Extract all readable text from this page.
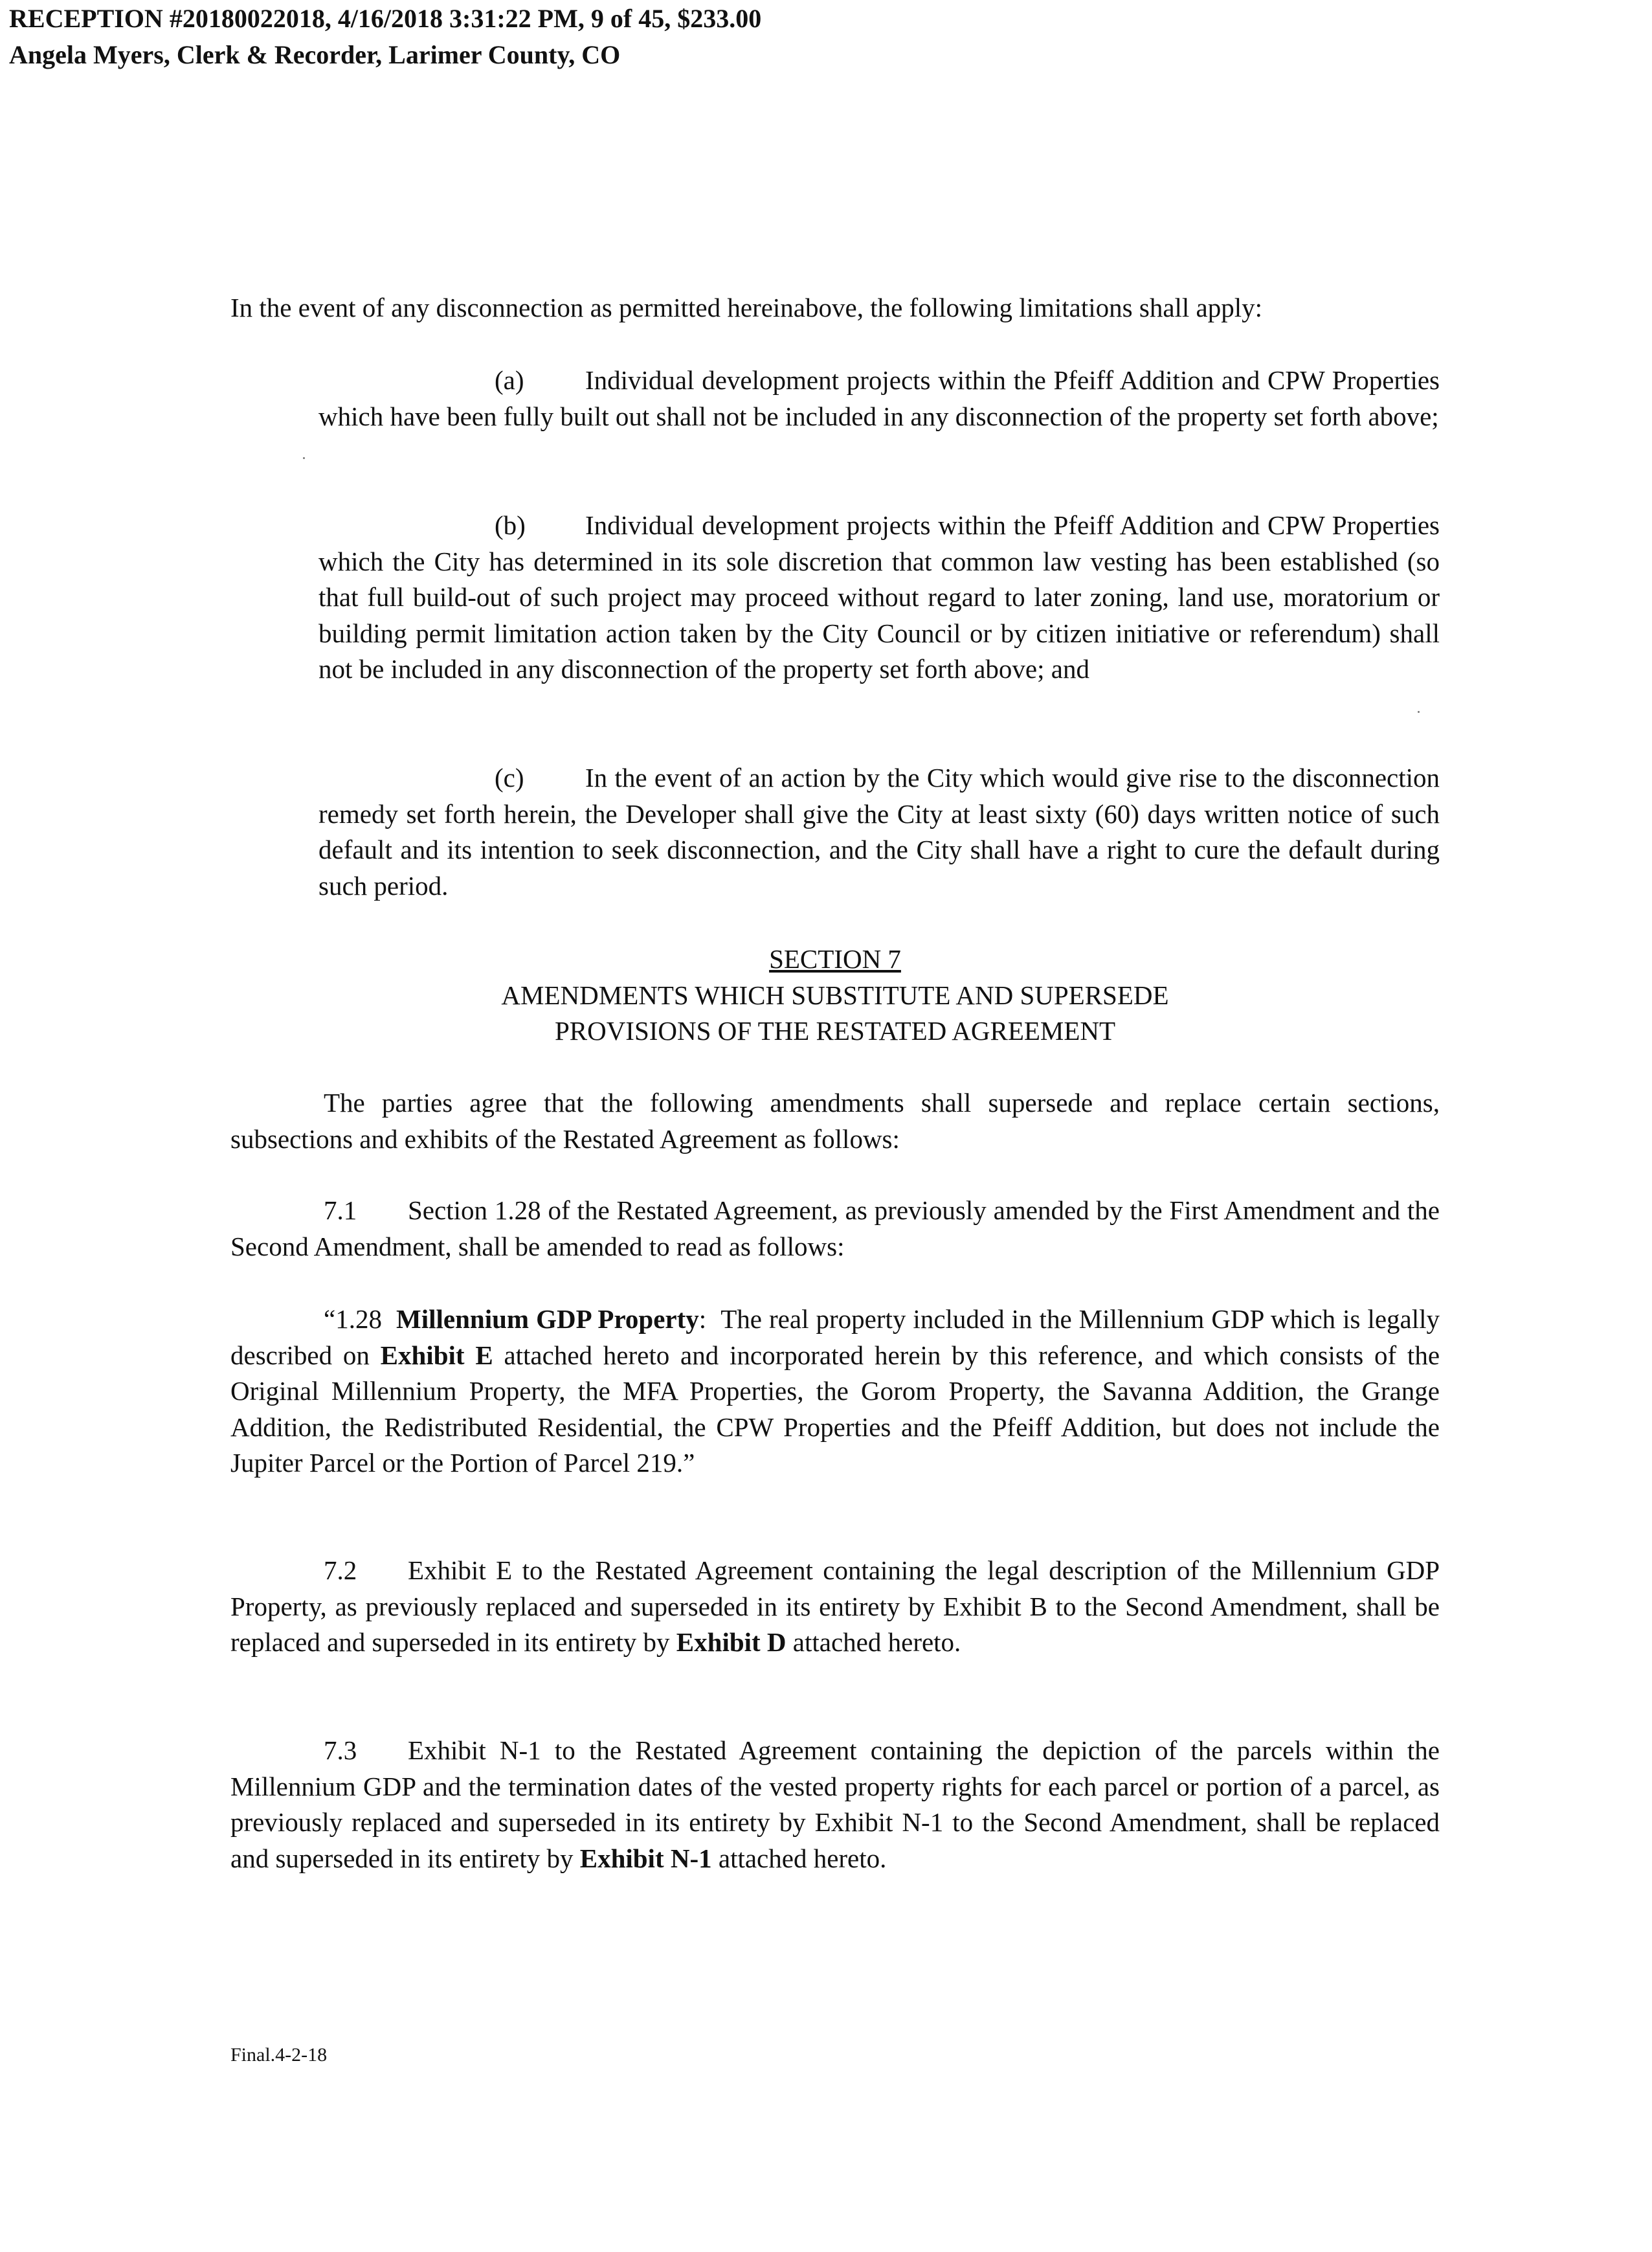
RECEPTION #20180022018, 4/16/2018 3:31:22 PM, 9 of 45, $233.00
Angela Myers, Clerk & Recorder, Larimer County, CO
In the event of any disconnection as permitted hereinabove, the following limitations shall apply:
(a) Individual development projects within the Pfeiff Addition and CPW Properties which have been fully built out shall not be included in any disconnection of the property set forth above;
(b) Individual development projects within the Pfeiff Addition and CPW Properties which the City has determined in its sole discretion that common law vesting has been established (so that full build-out of such project may proceed without regard to later zoning, land use, moratorium or building permit limitation action taken by the City Council or by citizen initiative or referendum) shall not be included in any disconnection of the property set forth above; and
(c) In the event of an action by the City which would give rise to the disconnection remedy set forth herein, the Developer shall give the City at least sixty (60) days written notice of such default and its intention to seek disconnection, and the City shall have a right to cure the default during such period.
SECTION 7
AMENDMENTS WHICH SUBSTITUTE AND SUPERSEDE
PROVISIONS OF THE RESTATED AGREEMENT
The parties agree that the following amendments shall supersede and replace certain sections, subsections and exhibits of the Restated Agreement as follows:
7.1 Section 1.28 of the Restated Agreement, as previously amended by the First Amendment and the Second Amendment, shall be amended to read as follows:
“1.28 Millennium GDP Property: The real property included in the Millennium GDP which is legally described on Exhibit E attached hereto and incorporated herein by this reference, and which consists of the Original Millennium Property, the MFA Properties, the Gorom Property, the Savanna Addition, the Grange Addition, the Redistributed Residential, the CPW Properties and the Pfeiff Addition, but does not include the Jupiter Parcel or the Portion of Parcel 219.”
7.2 Exhibit E to the Restated Agreement containing the legal description of the Millennium GDP Property, as previously replaced and superseded in its entirety by Exhibit B to the Second Amendment, shall be replaced and superseded in its entirety by Exhibit D attached hereto.
7.3 Exhibit N-1 to the Restated Agreement containing the depiction of the parcels within the Millennium GDP and the termination dates of the vested property rights for each parcel or portion of a parcel, as previously replaced and superseded in its entirety by Exhibit N-1 to the Second Amendment, shall be replaced and superseded in its entirety by Exhibit N-1 attached hereto.
Final.4-2-18
